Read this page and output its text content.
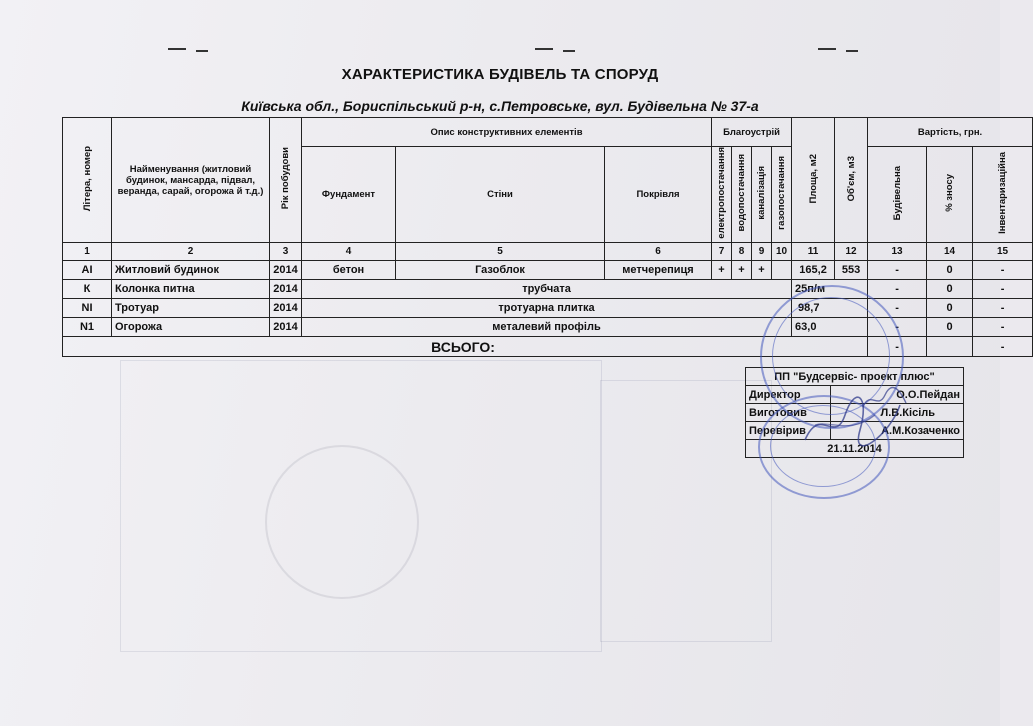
ХАРАКТЕРИСТИКА БУДІВЕЛЬ ТА СПОРУД
Київська обл., Бориспільський р-н, с.Петровське, вул. Будівельна № 37-а
Літера, номер	Найменування (житловий будинок, мансарда, підвал, веранда, сарай, огорожа й т.д.)	Рік побудови	Опис конструктивних елементів			Благоустрій				Площа, м2	Об'єм, м3	Вартість, грн.		
			Фундамент	Стіни	Покрівля	електропостачання	водопостачання	каналізація	газопостачання			Будівельна	% зносу	Інвентаризаційна
1	2	3	4	5	6	7	8	9	10	11	12	13	14	15
АІ	Житловий будинок	2014	бетон	Газоблок	метчерепиця	+	+	+		165,2	553	-	0	-
К	Колонка питна	2014	трубчата							25п/м		-	0	-
NІ	Тротуар	2014	тротуарна плитка							98,7		-	0	-
N1	Огорожа	2014	металевий профіль							63,0		-	0	-
ВСЬОГО:												-		-
ПП "Будсервіс- проект плюс"	
Директор	О.О.Пейдан
Виготовив	Л.В.Кісіль
Перевірив	А.М.Козаченко
21.11.2014	
